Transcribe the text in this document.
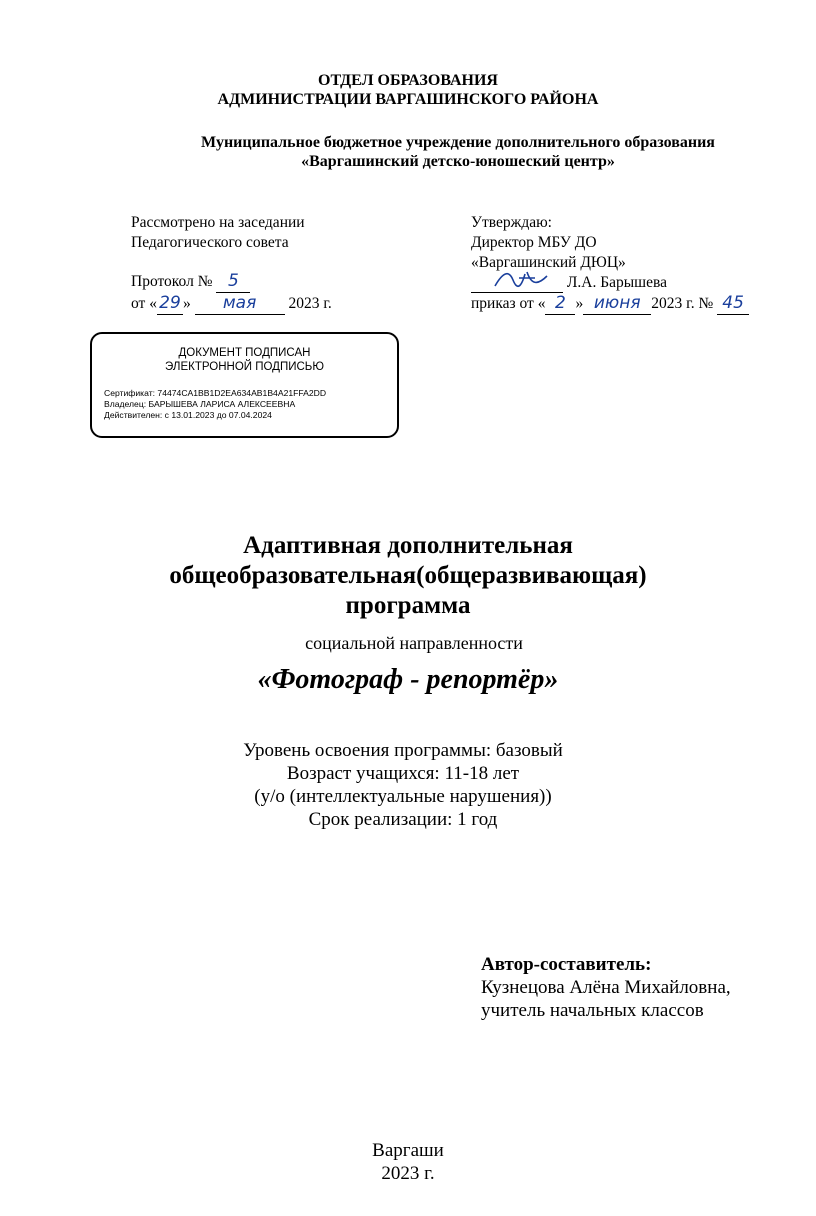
ОТДЕЛ ОБРАЗОВАНИЯ
АДМИНИСТРАЦИИ ВАРГАШИНСКОГО РАЙОНА
Муниципальное бюджетное учреждение дополнительного образования
«Варгашинский детско-юношеский центр»
Рассмотрено на заседании
Педагогического совета
Протокол № 5
от « 29 » мая 2023 г.
Утверждаю:
Директор МБУ ДО
«Варгашинский ДЮЦ»
Л.А. Барышева
приказ от « 2 » июня 2023 г. № 45
ДОКУМЕНТ ПОДПИСАН
ЭЛЕКТРОННОЙ ПОДПИСЬЮ
Сертификат: 74474CA1BB1D2EA634AB1B4A21FFA2DD
Владелец: БАРЫШЕВА ЛАРИСА АЛЕКСЕЕВНА
Действителен: с 13.01.2023 до 07.04.2024
Адаптивная дополнительная
общеобразовательная(общеразвивающая)
программа
социальной направленности
«Фотограф - репортёр»
Уровень освоения программы: базовый
Возраст учащихся: 11-18 лет
(у/о (интеллектуальные нарушения))
Срок реализации: 1 год
Автор-составитель:
Кузнецова Алёна Михайловна,
учитель начальных классов
Варгаши
2023 г.
